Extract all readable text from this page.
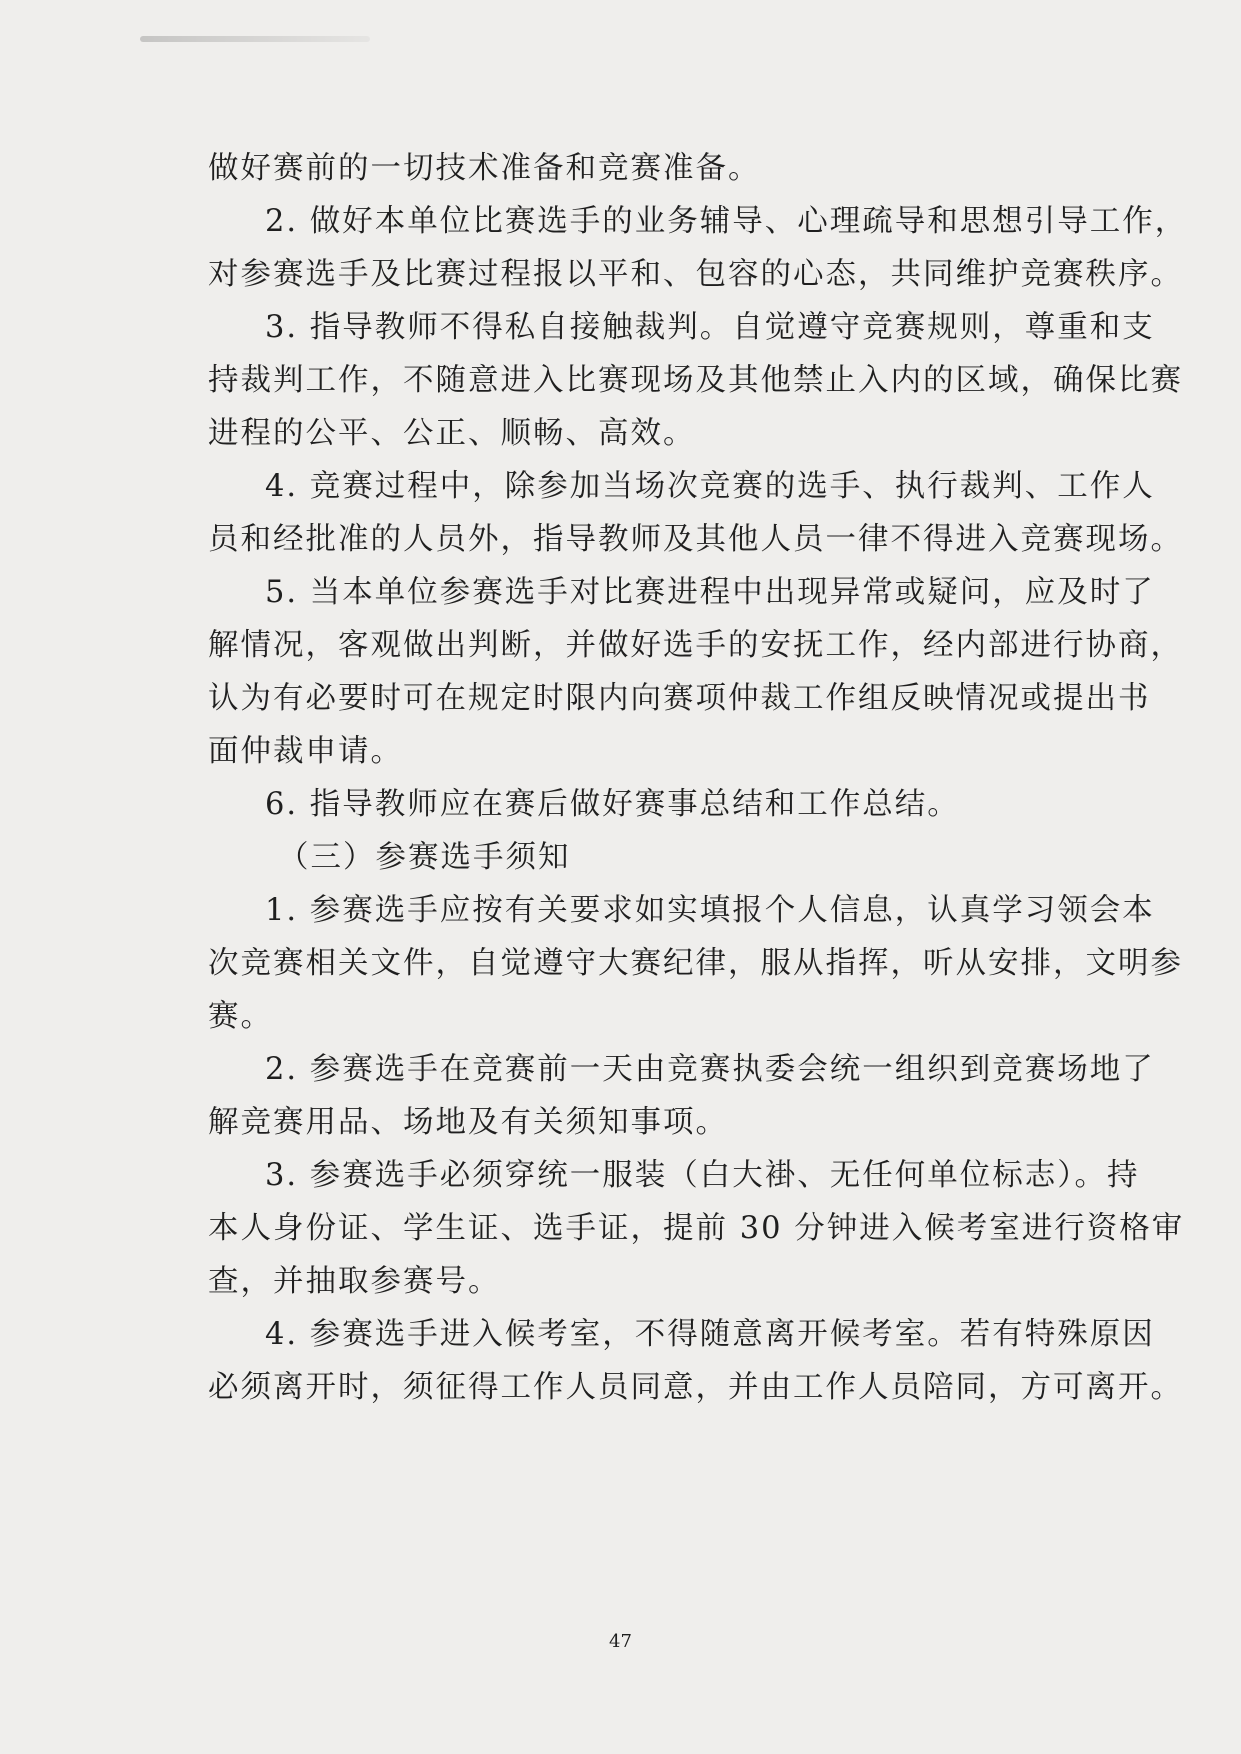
做好赛前的一切技术准备和竞赛准备。
2. 做好本单位比赛选手的业务辅导、心理疏导和思想引导工作，
对参赛选手及比赛过程报以平和、包容的心态，共同维护竞赛秩序。
3. 指导教师不得私自接触裁判。自觉遵守竞赛规则，尊重和支
持裁判工作，不随意进入比赛现场及其他禁止入内的区域，确保比赛
进程的公平、公正、顺畅、高效。
4. 竞赛过程中，除参加当场次竞赛的选手、执行裁判、工作人
员和经批准的人员外，指导教师及其他人员一律不得进入竞赛现场。
5. 当本单位参赛选手对比赛进程中出现异常或疑问，应及时了
解情况，客观做出判断，并做好选手的安抚工作，经内部进行协商，
认为有必要时可在规定时限内向赛项仲裁工作组反映情况或提出书
面仲裁申请。
6. 指导教师应在赛后做好赛事总结和工作总结。
（三）参赛选手须知
1. 参赛选手应按有关要求如实填报个人信息，认真学习领会本
次竞赛相关文件，自觉遵守大赛纪律，服从指挥，听从安排，文明参
赛。
2. 参赛选手在竞赛前一天由竞赛执委会统一组织到竞赛场地了
解竞赛用品、场地及有关须知事项。
3. 参赛选手必须穿统一服装（白大褂、无任何单位标志）。持
本人身份证、学生证、选手证，提前 30 分钟进入候考室进行资格审
查，并抽取参赛号。
4. 参赛选手进入候考室，不得随意离开候考室。若有特殊原因
必须离开时，须征得工作人员同意，并由工作人员陪同，方可离开。
47
